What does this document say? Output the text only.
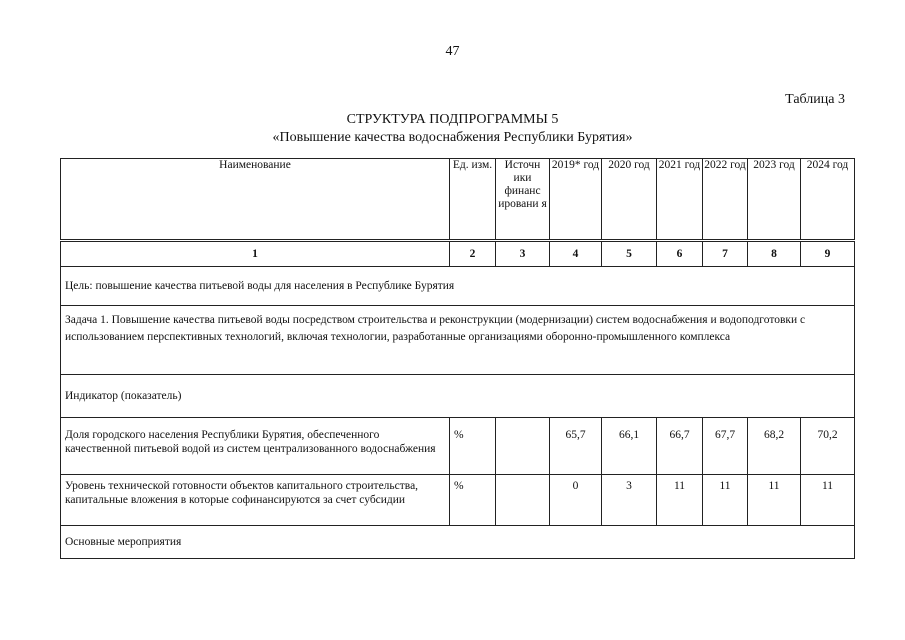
47
Таблица 3
СТРУКТУРА ПОДПРОГРАММЫ 5
«Повышение качества водоснабжения Республики Бурятия»
Наименование	Ед. изм.	Источн ики финанс ировани я	2019* год	2020 год	2021 год	2022 год	2023 год	2024 год
1	2	3	4	5	6	7	8	9
Цель: повышение качества питьевой воды для населения в Республике Бурятия								
Задача 1. Повышение качества питьевой воды посредством строительства и реконструкции (модернизации) систем водоснабжения и водоподготовки с использованием перспективных технологий, включая технологии, разработанные организациями оборонно-промышленного комплекса								
Индикатор (показатель)								
Доля городского населения Республики Бурятия, обеспеченного качественной питьевой водой из систем централизованного водоснабжения	%		65,7	66,1	66,7	67,7	68,2	70,2
Уровень технической готовности объектов капитального строительства, капитальные вложения в которые софинансируются за счет субсидии	%		0	3	11	11	11	11
Основные мероприятия								
